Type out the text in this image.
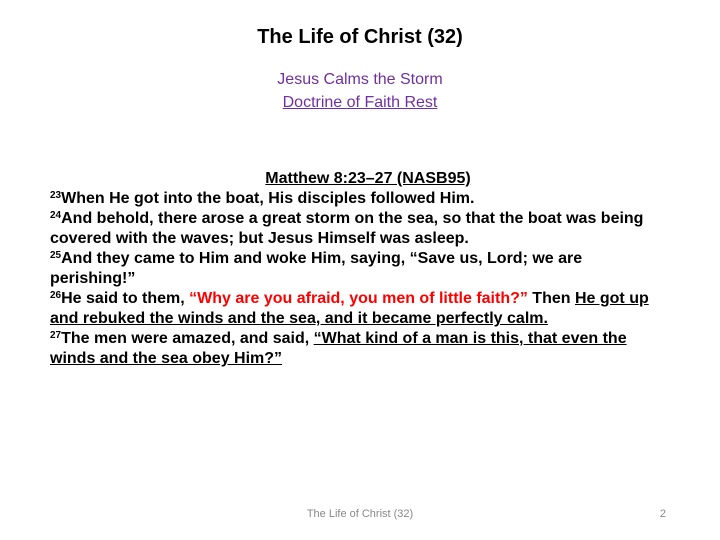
The Life of Christ (32)
Jesus Calms the Storm
Doctrine of Faith Rest
Matthew 8:23–27 (NASB95)
$^{23}$When He got into the boat, His disciples followed Him.
$^{24}$And behold, there arose a great storm on the sea, so that the boat was being covered with the waves; but Jesus Himself was asleep.
$^{25}$And they came to Him and woke Him, saying, “Save us, Lord; we are perishing!”
$^{26}$He said to them, “Why are you afraid, you men of little faith?” Then He got up and rebuked the winds and the sea, and it became perfectly calm.
$^{27}$The men were amazed, and said, “What kind of a man is this, that even the winds and the sea obey Him?”
The Life of Christ (32)	2
